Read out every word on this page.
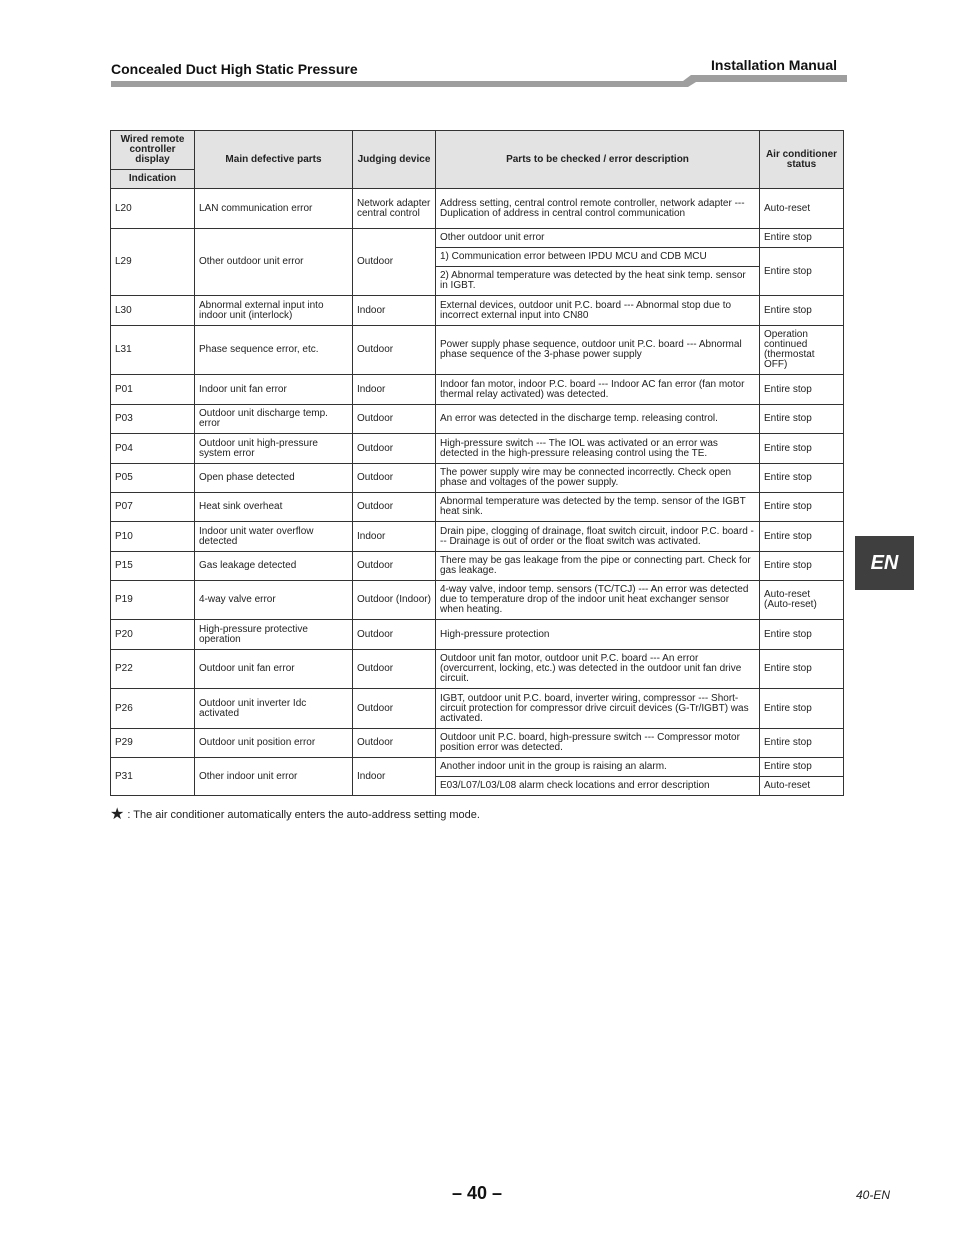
Concealed Duct High Static Pressure	Installation Manual
EN
Wired remote controller display	Main defective parts	Judging device	Parts to be checked / error description	Air conditioner status
Indication				
L20	LAN communication error	Network adapter central control	Address setting, central control remote controller, network adapter --- Duplication of address in central control communication	Auto-reset
L29	Other outdoor unit error	Outdoor	Other outdoor unit error	Entire stop
			1) Communication error between IPDU MCU and CDB MCU	Entire stop
			2) Abnormal temperature was detected by the heat sink temp. sensor in IGBT.	
L30	Abnormal external input into indoor unit (interlock)	Indoor	External devices, outdoor unit P.C. board --- Abnormal stop due to incorrect external input into CN80	Entire stop
L31	Phase sequence error, etc.	Outdoor	Power supply phase sequence, outdoor unit P.C. board --- Abnormal phase sequence of the 3-phase power supply	Operation continued (thermostat OFF)
P01	Indoor unit fan error	Indoor	Indoor fan motor, indoor P.C. board --- Indoor AC fan error (fan motor thermal relay activated) was detected.	Entire stop
P03	Outdoor unit discharge temp. error	Outdoor	An error was detected in the discharge temp. releasing control.	Entire stop
P04	Outdoor unit high-pressure system error	Outdoor	High-pressure switch --- The IOL was activated or an error was detected in the high-pressure releasing control using the TE.	Entire stop
P05	Open phase detected	Outdoor	The power supply wire may be connected incorrectly. Check open phase and voltages of the power supply.	Entire stop
P07	Heat sink overheat	Outdoor	Abnormal temperature was detected by the temp. sensor of the IGBT heat sink.	Entire stop
P10	Indoor unit water overflow detected	Indoor	Drain pipe, clogging of drainage, float switch circuit, indoor P.C. board --- Drainage is out of order or the float switch was activated.	Entire stop
P15	Gas leakage detected	Outdoor	There may be gas leakage from the pipe or connecting part. Check for gas leakage.	Entire stop
P19	4-way valve error	Outdoor (Indoor)	4-way valve, indoor temp. sensors (TC/TCJ) --- An error was detected due to temperature drop of the indoor unit heat exchanger sensor when heating.	Auto-reset (Auto-reset)
P20	High-pressure protective operation	Outdoor	High-pressure protection	Entire stop
P22	Outdoor unit fan error	Outdoor	Outdoor unit fan motor, outdoor unit P.C. board --- An error (overcurrent, locking, etc.) was detected in the outdoor unit fan drive circuit.	Entire stop
P26	Outdoor unit inverter Idc activated	Outdoor	IGBT, outdoor unit P.C. board, inverter wiring, compressor --- Short-circuit protection for compressor drive circuit devices (G-Tr/IGBT) was activated.	Entire stop
P29	Outdoor unit position error	Outdoor	Outdoor unit P.C. board, high-pressure switch --- Compressor motor position error was detected.	Entire stop
P31	Other indoor unit error	Indoor	Another indoor unit in the group is raising an alarm.	Entire stop
			E03/L07/L03/L08 alarm check locations and error description	Auto-reset
★ : The air conditioner automatically enters the auto-address setting mode.
– 40 –	40-EN
